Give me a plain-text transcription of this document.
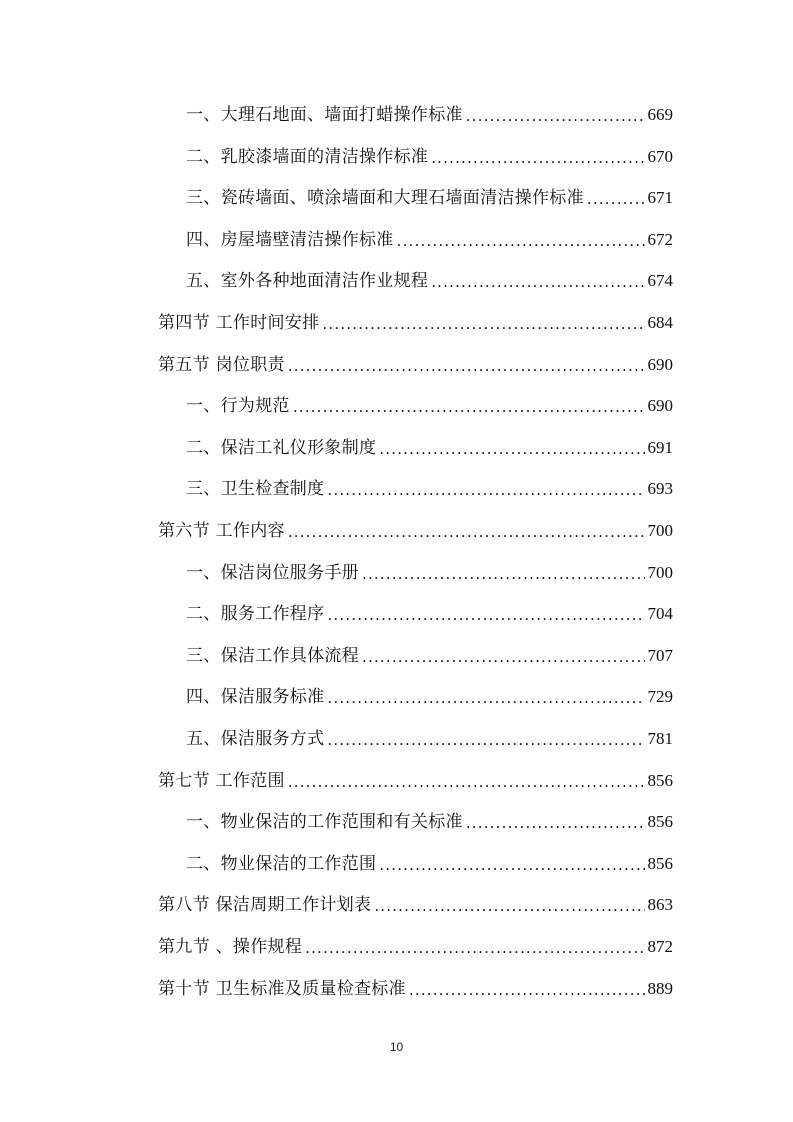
一、大理石地面、墙面打蜡操作标准 .....	669
二、乳胶漆墙面的清洁操作标准 .....	670
三、瓷砖墙面、喷涂墙面和大理石墙面清洁操作标准 .....	671
四、房屋墙壁清洁操作标准 .....	672
五、室外各种地面清洁作业规程 .....	674
第四节 工作时间安排 .....	684
第五节 岗位职责 .....	690
一、行为规范 .....	690
二、保洁工礼仪形象制度 .....	691
三、卫生检查制度 .....	693
第六节 工作内容 .....	700
一、保洁岗位服务手册 .....	700
二、服务工作程序 .....	704
三、保洁工作具体流程 .....	707
四、保洁服务标准 .....	729
五、保洁服务方式 .....	781
第七节 工作范围 .....	856
一、物业保洁的工作范围和有关标准 .....	856
二、物业保洁的工作范围 .....	856
第八节 保洁周期工作计划表 .....	863
第九节 、操作规程 .....	872
第十节 卫生标准及质量检查标准 .....	889
10
